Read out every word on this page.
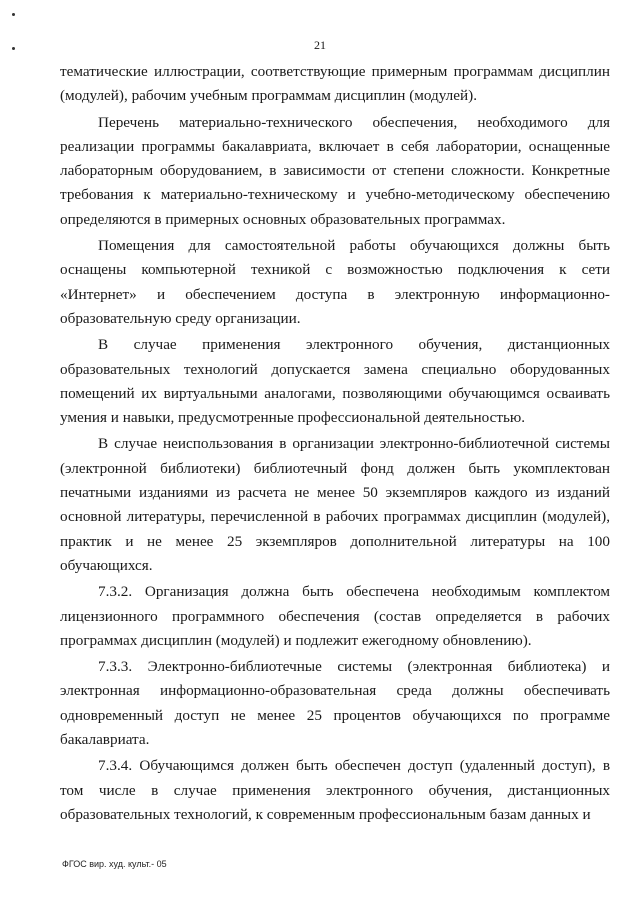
21

тематические иллюстрации, соответствующие примерным программам дисциплин (модулей), рабочим учебным программам дисциплин (модулей).

Перечень материально-технического обеспечения, необходимого для реализации программы бакалавриата, включает в себя лаборатории, оснащенные лабораторным оборудованием, в зависимости от степени сложности. Конкретные требования к материально-техническому и учебно-методическому обеспечению определяются в примерных основных образовательных программах.

Помещения для самостоятельной работы обучающихся должны быть оснащены компьютерной техникой с возможностью подключения к сети «Интернет» и обеспечением доступа в электронную информационно-образовательную среду организации.

В случае применения электронного обучения, дистанционных образовательных технологий допускается замена специально оборудованных помещений их виртуальными аналогами, позволяющими обучающимся осваивать умения и навыки, предусмотренные профессиональной деятельностью.

В случае неиспользования в организации электронно-библиотечной системы (электронной библиотеки) библиотечный фонд должен быть укомплектован печатными изданиями из расчета не менее 50 экземпляров каждого из изданий основной литературы, перечисленной в рабочих программах дисциплин (модулей), практик и не менее 25 экземпляров дополнительной литературы на 100 обучающихся.

7.3.2. Организация должна быть обеспечена необходимым комплектом лицензионного программного обеспечения (состав определяется в рабочих программах дисциплин (модулей) и подлежит ежегодному обновлению).

7.3.3. Электронно-библиотечные системы (электронная библиотека) и электронная информационно-образовательная среда должны обеспечивать одновременный доступ не менее 25 процентов обучающихся по программе бакалавриата.

7.3.4. Обучающимся должен быть обеспечен доступ (удаленный доступ), в том числе в случае применения электронного обучения, дистанционных образовательных технологий, к современным профессиональным базам данных и

ФГОС вир. худ. культ.- 05
